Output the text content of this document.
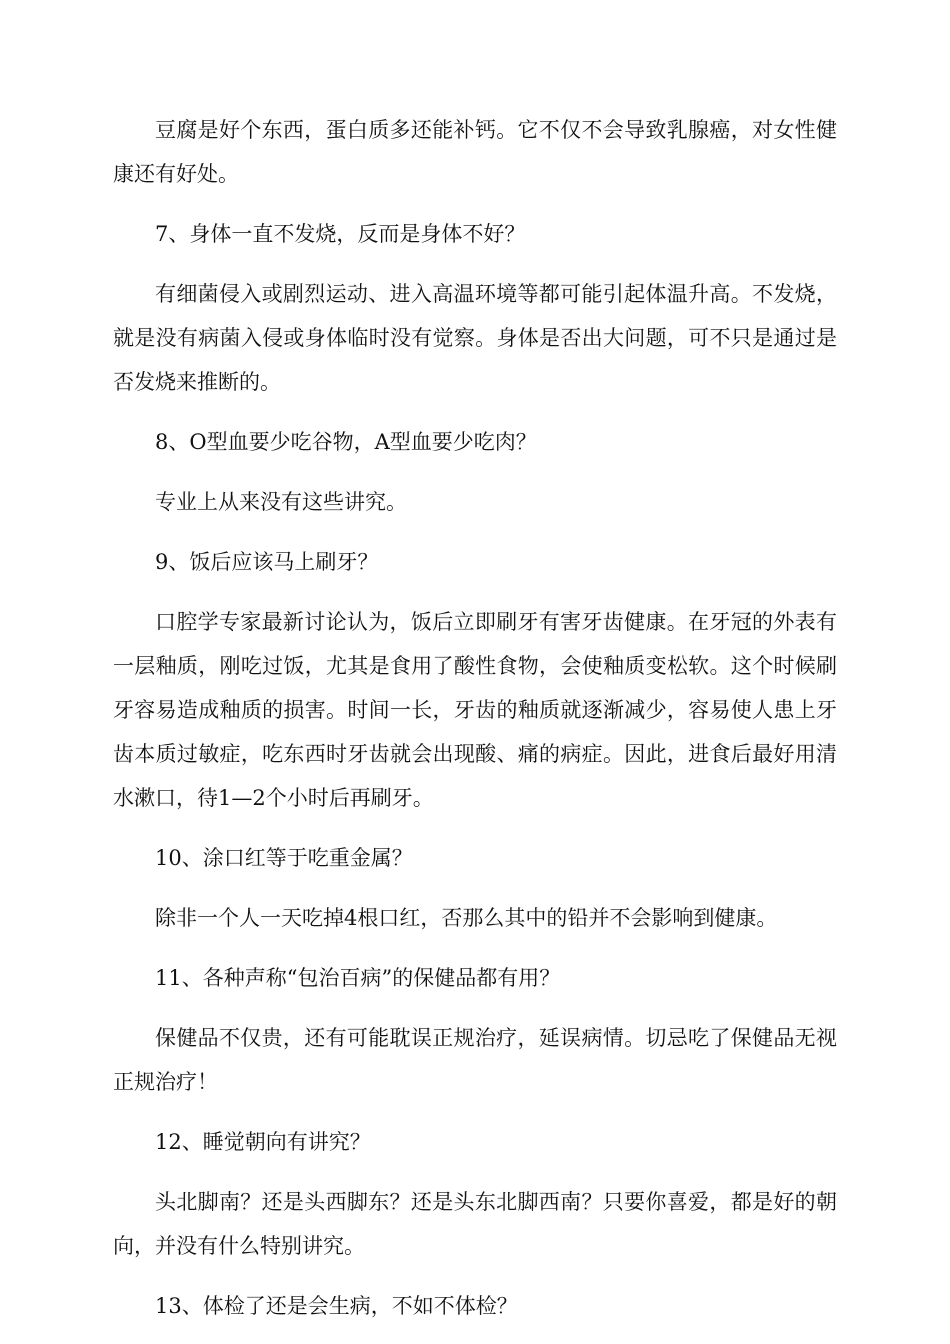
豆腐是好个东西，蛋白质多还能补钙。它不仅不会导致乳腺癌，对女性健康还有好处。

7、身体一直不发烧，反而是身体不好？

有细菌侵入或剧烈运动、进入高温环境等都可能引起体温升高。不发烧，就是没有病菌入侵或身体临时没有觉察。身体是否出大问题，可不只是通过是否发烧来推断的。

8、O型血要少吃谷物，A型血要少吃肉？

专业上从来没有这些讲究。

9、饭后应该马上刷牙？

口腔学专家最新讨论认为，饭后立即刷牙有害牙齿健康。在牙冠的外表有一层釉质，刚吃过饭，尤其是食用了酸性食物，会使釉质变松软。这个时候刷牙容易造成釉质的损害。时间一长，牙齿的釉质就逐渐减少，容易使人患上牙齿本质过敏症，吃东西时牙齿就会出现酸、痛的病症。因此，进食后最好用清水漱口，待1—2个小时后再刷牙。

10、涂口红等于吃重金属？

除非一个人一天吃掉4根口红，否那么其中的铅并不会影响到健康。

11、各种声称“包治百病”的保健品都有用？

保健品不仅贵，还有可能耽误正规治疗，延误病情。切忌吃了保健品无视正规治疗！

12、睡觉朝向有讲究？

头北脚南？还是头西脚东？还是头东北脚西南？只要你喜爱，都是好的朝向，并没有什么特别讲究。

13、体检了还是会生病，不如不体检？
